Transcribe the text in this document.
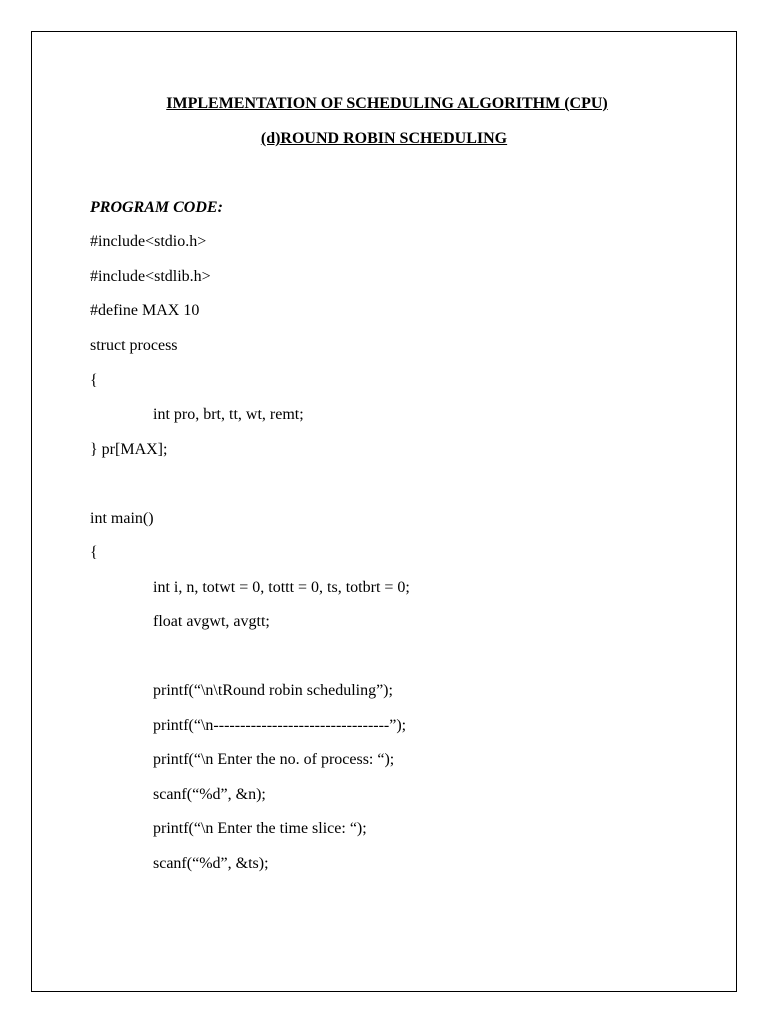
IMPLEMENTATION OF SCHEDULING ALGORITHM (CPU)
(d)ROUND ROBIN SCHEDULING
PROGRAM CODE:
#include<stdio.h>
#include<stdlib.h>
#define MAX 10
struct process
{
int pro, brt, tt, wt, remt;
} pr[MAX];
int main()
{
int i, n, totwt = 0, tottt = 0, ts, totbrt = 0;
float avgwt, avgtt;
printf(“\n\tRound robin scheduling”);
printf(“\n---------------------------------”);
printf(“\n Enter the no. of process: “);
scanf(“%d”, &n);
printf(“\n Enter the time slice: “);
scanf(“%d”, &ts);
